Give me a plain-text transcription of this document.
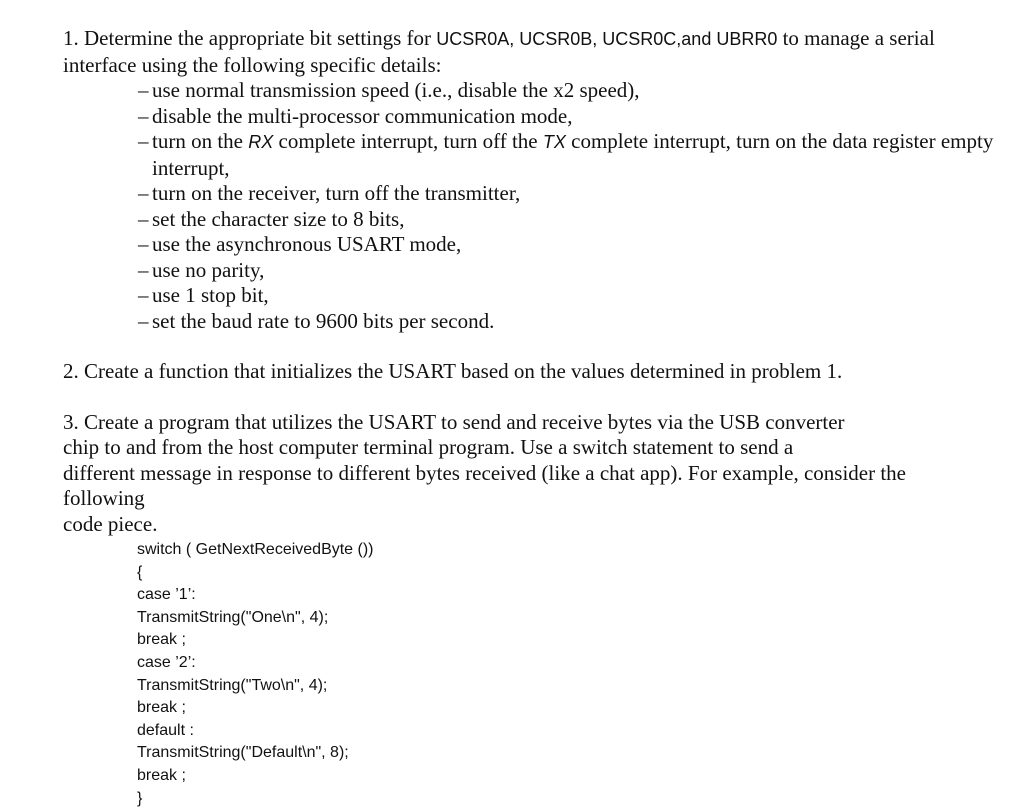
1. Determine the appropriate bit settings for UCSR0A, UCSR0B, UCSR0C,and UBRR0 to manage a serial interface using the following specific details:

– use normal transmission speed (i.e., disable the x2 speed),
– disable the multi-processor communication mode,
– turn on the RX complete interrupt, turn off the TX complete interrupt, turn on the data register empty interrupt,
– turn on the receiver, turn off the transmitter,
– set the character size to 8 bits,
– use the asynchronous USART mode,
– use no parity,
– use 1 stop bit,
– set the baud rate to 9600 bits per second.

2. Create a function that initializes the USART based on the values determined in problem 1.

3. Create a program that utilizes the USART to send and receive bytes via the USB converter
chip to and from the host computer terminal program. Use a switch statement to send a
different message in response to different bytes received (like a chat app). For example, consider the
following
code piece.
switch ( GetNextReceivedByte ())
{
case ’1’:
TransmitString("One\n", 4);
break ;
case ’2’:
TransmitString("Two\n", 4);
break ;
default :
TransmitString("Default\n", 8);
break ;
}
